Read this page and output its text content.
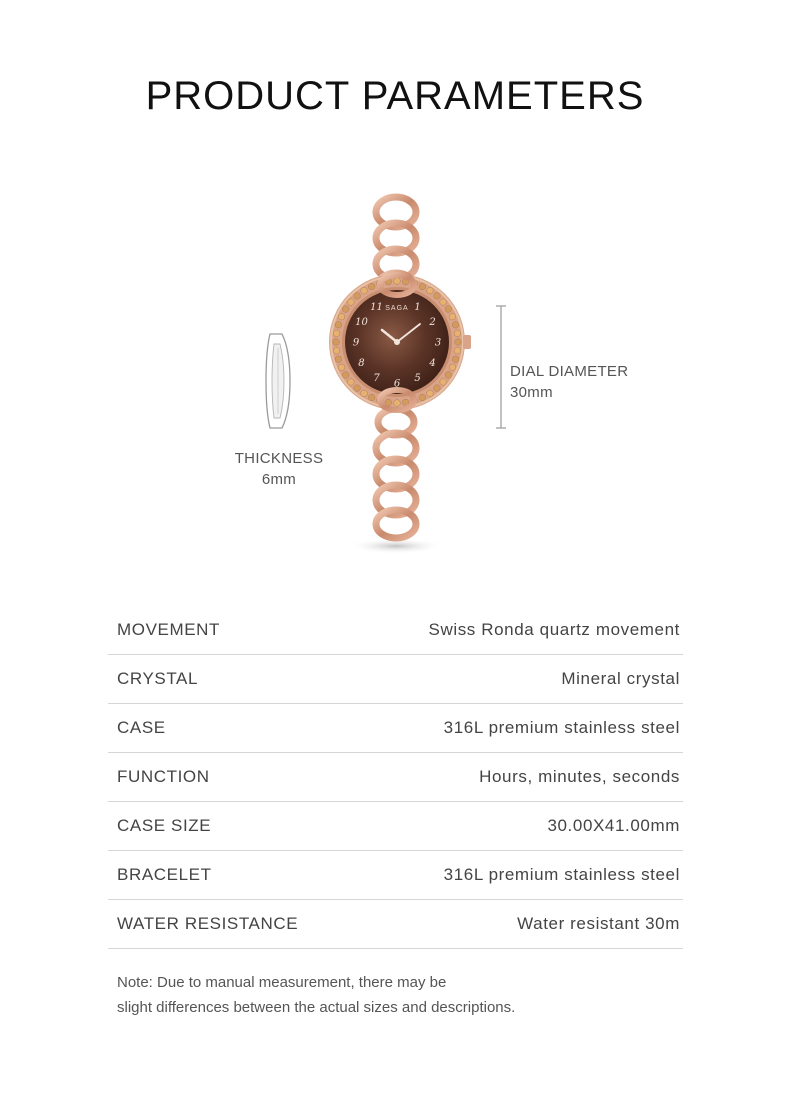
PRODUCT PARAMETERS
THICKNESS
6mm
SAGA 1
2
3
4
5
6
7
8
9
10
11
DIAL DIAMETER
30mm
MOVEMENT	Swiss Ronda quartz movement
CRYSTAL	Mineral crystal
CASE	316L premium stainless steel
FUNCTION	Hours, minutes, seconds
CASE SIZE	30.00X41.00mm
BRACELET	316L premium stainless steel
WATER RESISTANCE	Water resistant 30m
Note: Due to manual measurement, there may be
slight differences between the actual sizes and descriptions.
